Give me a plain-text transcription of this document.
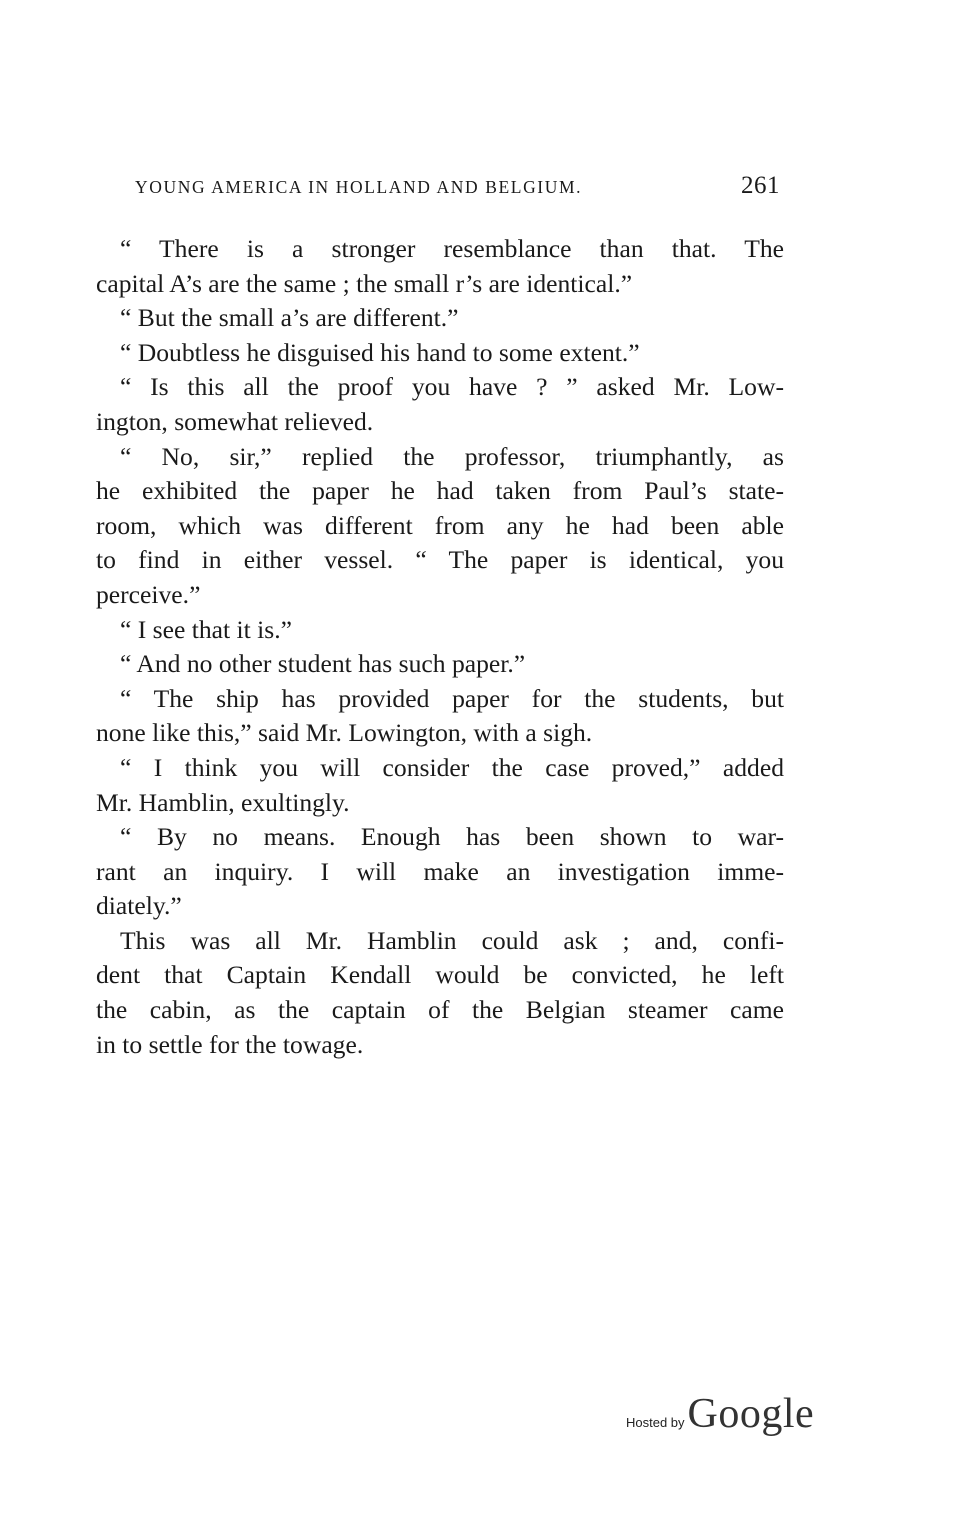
YOUNG AMERICA IN HOLLAND AND BELGIUM.	261
“ There is a stronger resemblance than that. The
capital A’s are the same ; the small r’s are identical.”
“ But the small a’s are different.”
“ Doubtless he disguised his hand to some extent.”
“ Is this all the proof you have ? ” asked Mr. Low-
ington, somewhat relieved.
“ No, sir,” replied the professor, triumphantly, as
he exhibited the paper he had taken from Paul’s state-
room, which was different from any he had been able
to find in either vessel. “ The paper is identical, you
perceive.”
“ I see that it is.”
“ And no other student has such paper.”
“ The ship has provided paper for the students, but
none like this,” said Mr. Lowington, with a sigh.
“ I think you will consider the case proved,” added
Mr. Hamblin, exultingly.
“ By no means. Enough has been shown to war-
rant an inquiry. I will make an investigation imme-
diately.”
This was all Mr. Hamblin could ask ; and, confi-
dent that Captain Kendall would be convicted, he left
the cabin, as the captain of the Belgian steamer came
in to settle for the towage.
Hosted by Google
